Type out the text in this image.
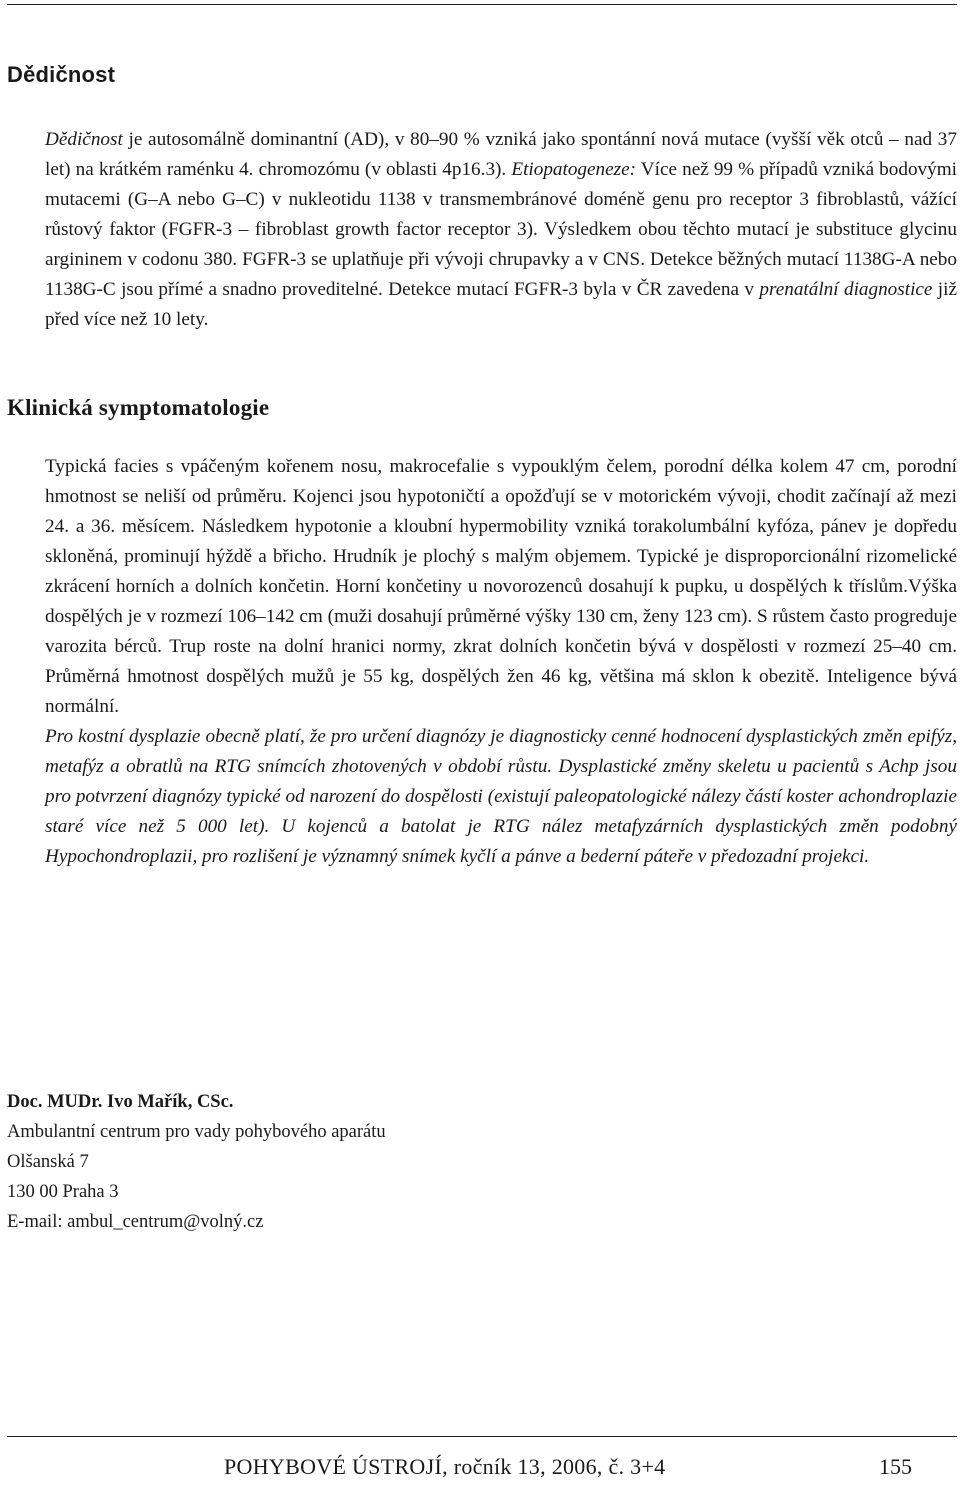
Dědičnost

Dědičnost je autosomálně dominantní (AD), v 80–90 % vzniká jako spontánní nová mutace (vyšší věk otců – nad 37 let) na krátkém raménku 4. chromozómu (v oblasti 4p16.3). Etiopatogeneze: Více než 99 % případů vzniká bodovými mutacemi (G–A nebo G–C) v nukleotidu 1138 v transmembránové doméně genu pro receptor 3 fibroblastů, vážící růstový faktor (FGFR-3 – fibroblast growth factor receptor 3). Výsledkem obou těchto mutací je substituce glycinu argininem v codonu 380. FGFR-3 se uplatňuje při vývoji chrupavky a v CNS. Detekce běžných mutací 1138G-A nebo 1138G-C jsou přímé a snadno proveditelné. Detekce mutací FGFR-3 byla v ČR zavedena v prenatální diagnostice již před více než 10 lety.

Klinická symptomatologie

Typická facies s vpáčeným kořenem nosu, makrocefalie s vypouklým čelem, porodní délka kolem 47 cm, porodní hmotnost se neliší od průměru. Kojenci jsou hypotoničtí a opožďují se v motorickém vývoji, chodit začínají až mezi 24. a 36. měsícem. Následkem hypotonie a kloubní hypermobility vzniká torakolumbální kyfóza, pánev je dopředu skloněná, prominují hýždě a břicho. Hrudník je plochý s malým objemem. Typické je disproporcionální rizomelické zkrácení horních a dolních končetin. Horní končetiny u novorozenců dosahují k pupku, u dospělých k tříslům.Výška dospělých je v rozmezí 106–142 cm (muži dosahují průměrné výšky 130 cm, ženy 123 cm). S růstem často progreduje varozita bérců. Trup roste na dolní hranici normy, zkrat dolních končetin bývá v dospělosti v rozmezí 25–40 cm. Průměrná hmotnost dospělých mužů je 55 kg, dospělých žen 46 kg, většina má sklon k obezitě. Inteligence bývá normální.

Pro kostní dysplazie obecně platí, že pro určení diagnózy je diagnosticky cenné hodnocení dysplastických změn epifýz, metafýz a obratlů na RTG snímcích zhotovených v období růstu. Dysplastické změny skeletu u pacientů s Achp jsou pro potvrzení diagnózy typické od narození do dospělosti (existují paleopatologické nálezy částí koster achondroplazie staré více než 5 000 let). U kojenců a batolat je RTG nález metafyzárních dysplastických změn podobný Hypochondroplazii, pro rozlišení je významný snímek kyčlí a pánve a bederní páteře v předozadní projekci.

Doc. MUDr. Ivo Mařík, CSc.
Ambulantní centrum pro vady pohybového aparátu
Olšanská 7
130 00 Praha 3
E-mail: ambul_centrum@volný.cz
POHYBOVÉ ÚSTROJÍ, ročník 13, 2006, č. 3+4	155
